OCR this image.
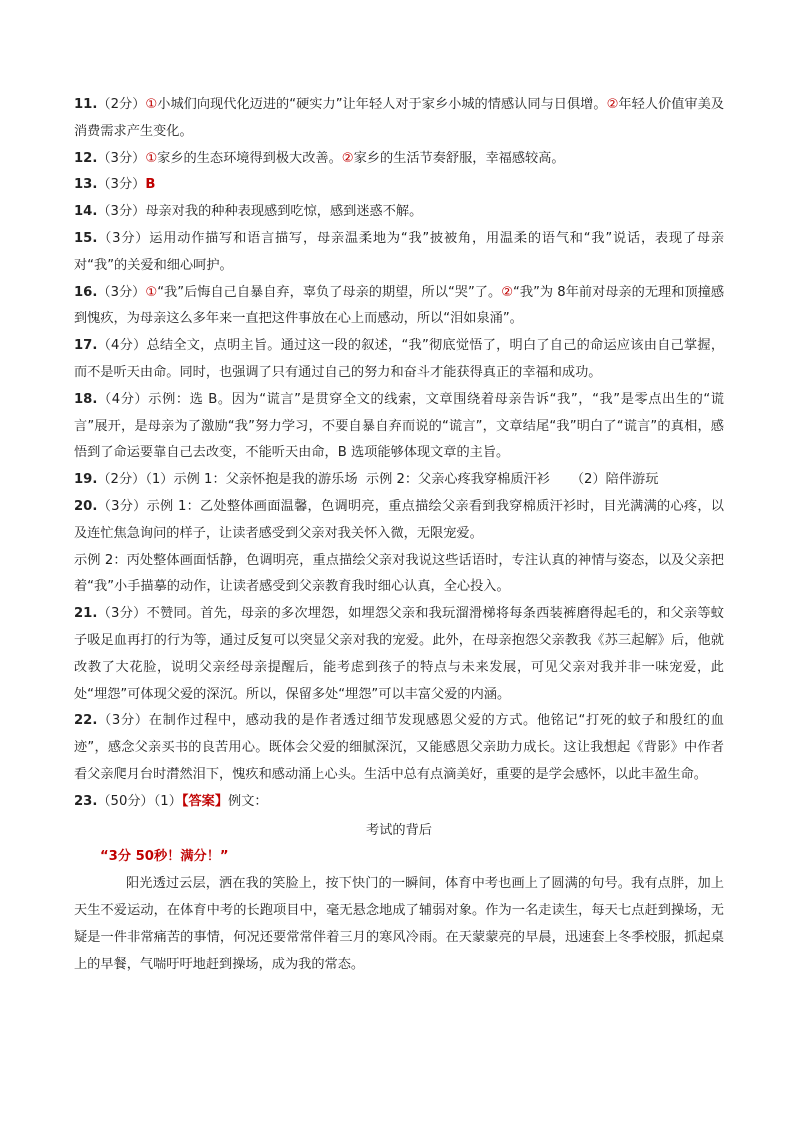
11.（2分）①小城们向现代化迈进的“硬实力”让年轻人对于家乡小城的情感认同与日俱增。②年轻人价值审美及消费需求产生变化。

12.（3分）①家乡的生态环境得到极大改善。②家乡的生活节奏舒服，幸福感较高。

13.（3分）B

14.（3分）母亲对我的种种表现感到吃惊，感到迷惑不解。

15.（3分）运用动作描写和语言描写，母亲温柔地为“我”披被角，用温柔的语气和“我”说话，表现了母亲对“我”的关爱和细心呵护。

16.（3分）①“我”后悔自己自暴自弃，辜负了母亲的期望，所以“哭”了。②“我”为 8年前对母亲的无理和顶撞感到愧疚，为母亲这么多年来一直把这件事放在心上而感动，所以“泪如泉涌”。

17.（4分）总结全文，点明主旨。通过这一段的叙述，“我”彻底觉悟了，明白了自己的命运应该由自己掌握，而不是听天由命。同时，也强调了只有通过自己的努力和奋斗才能获得真正的幸福和成功。

18.（4分）示例：选 B。因为“谎言”是贯穿全文的线索，文章围绕着母亲告诉“我”，“我”是零点出生的“谎言”展开，是母亲为了激励“我”努力学习，不要自暴自弃而说的“谎言”，文章结尾“我”明白了“谎言”的真相，感悟到了命运要靠自己去改变，不能听天由命，B 选项能够体现文章的主旨。

19.（2分）（1）示例 1：父亲怀抱是我的游乐场  示例 2：父亲心疼我穿棉质汗衫     （2）陪伴游玩

20.（3分）示例 1：乙处整体画面温馨，色调明亮，重点描绘父亲看到我穿棉质汗衫时，目光满满的心疼，以及连忙焦急询问的样子，让读者感受到父亲对我关怀入微，无限宠爱。

示例 2：丙处整体画面恬静，色调明亮，重点描绘父亲对我说这些话语时，专注认真的神情与姿态，以及父亲把着“我”小手描摹的动作，让读者感受到父亲教育我时细心认真，全心投入。

21.（3分）不赞同。首先，母亲的多次埋怨，如埋怨父亲和我玩溜滑梯将每条西装裤磨得起毛的，和父亲等蚊子吸足血再打的行为等，通过反复可以突显父亲对我的宠爱。此外，在母亲抱怨父亲教我《苏三起解》后，他就改教了大花脸，说明父亲经母亲提醒后，能考虑到孩子的特点与未来发展，可见父亲对我并非一味宠爱，此处“埋怨”可体现父爱的深沉。所以，保留多处“埋怨”可以丰富父爱的内涵。

22.（3分）在制作过程中，感动我的是作者透过细节发现感恩父爱的方式。他铭记“打死的蚊子和殷红的血迹”，感念父亲买书的良苦用心。既体会父爱的细腻深沉，又能感恩父亲助力成长。这让我想起《背影》中作者看父亲爬月台时潸然泪下，愧疚和感动涌上心头。生活中总有点滴美好，重要的是学会感怀，以此丰盈生命。

23.（50分）（1）【答案】例文：

考试的背后

“3分 50秒！满分！”

阳光透过云层，洒在我的笑脸上，按下快门的一瞬间，体育中考也画上了圆满的句号。我有点胖，加上天生不爱运动，在体育中考的长跑项目中，毫无悬念地成了辅弱对象。作为一名走读生，每天七点赶到操场，无疑是一件非常痛苦的事情，何况还要常常伴着三月的寒风冷雨。在天蒙蒙亮的早晨，迅速套上冬季校服，抓起桌上的早餐，气喘吁吁地赶到操场，成为我的常态。
